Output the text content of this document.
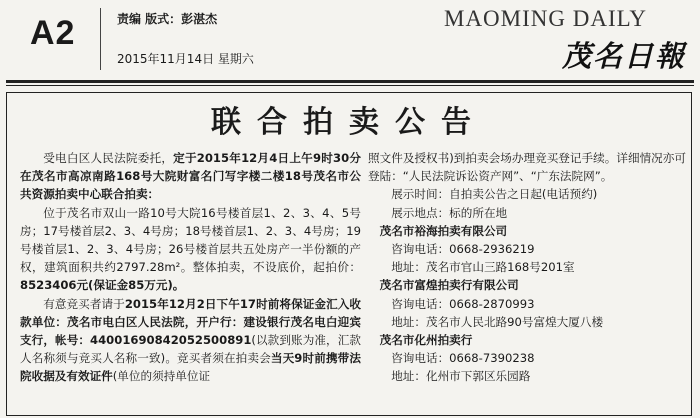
A2	责编 版式：彭湛杰
2015年11月14日 星期六
MAOMING DAILY
茂名日報
联合拍卖公告

受电白区人民法院委托，定于2015年12月4日上午9时30分在茂名市高凉南路168号大院财富名门写字楼二楼18号茂名市公共资源拍卖中心联合拍卖：

位于茂名市双山一路10号大院16号楼首层1、2、3、4、5号房；17号楼首层2、3、4号房；18号楼首层1、2、3、4号房；19号楼首层1、2、3、4号房；26号楼首层共五处房产一半份额的产权，建筑面积共约2797.28m²。整体拍卖，不设底价，起拍价：8523406元(保证金85万元)。

有意竞买者请于2015年12月2日下午17时前将保证金汇入收款单位：茂名市电白区人民法院，开户行：建设银行茂名电白迎宾支行，帐号：44001690842052500891(以款到账为准，汇款人名称须与竞买人名称一致)。竞买者须在拍卖会当天9时前携带法院收据及有效证件(单位的须持单位证

照文件及授权书)到拍卖会场办理竞买登记手续。详细情况亦可登陆：“人民法院诉讼资产网”、“广东法院网”。

展示时间：自拍卖公告之日起(电话预约)

展示地点：标的所在地

茂名市裕海拍卖有限公司

咨询电话：0668-2936219

地址：茂名市官山三路168号201室

茂名市富煌拍卖行有限公司

咨询电话：0668-2870993

地址：茂名市人民北路90号富煌大厦八楼

茂名市化州拍卖行

咨询电话：0668-7390238

地址：化州市下郭区乐园路
